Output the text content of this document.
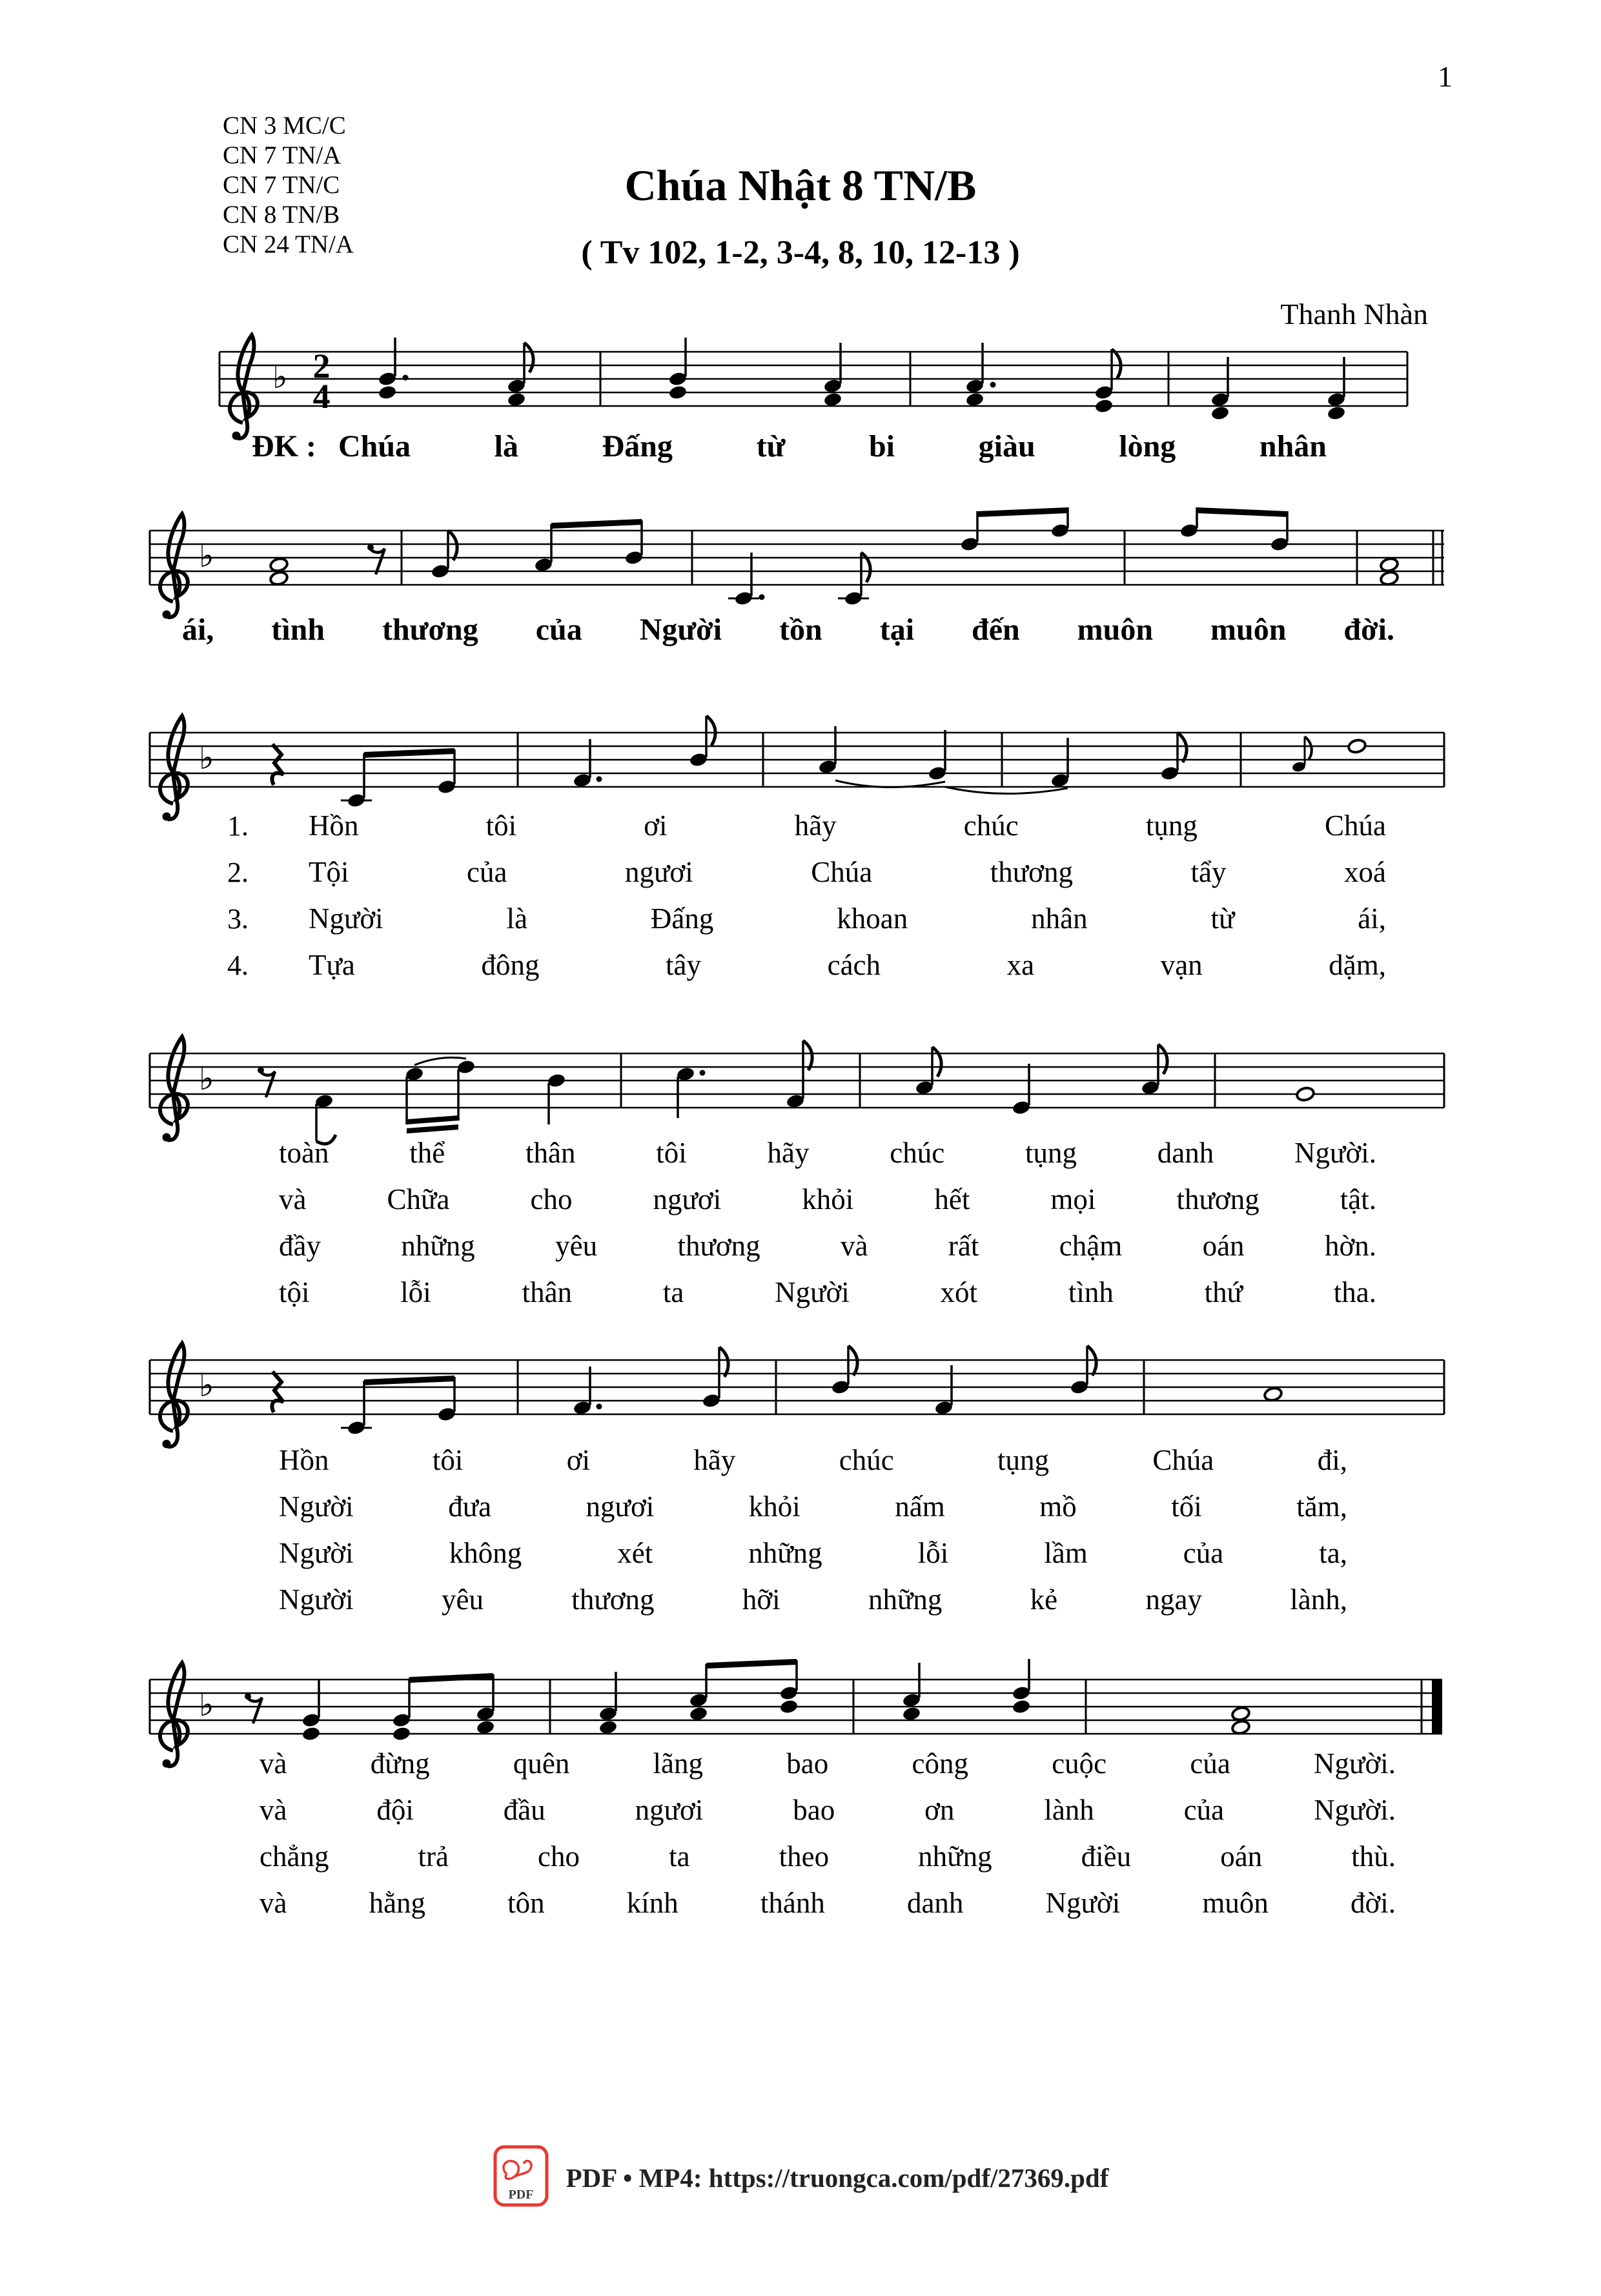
1
CN 3 MC/C
CN 7 TN/A
CN 7 TN/C
CN 8 TN/B
CN 24 TN/A
Chúa Nhật 8 TN/B
( Tv 102, 1-2, 3-4, 8, 10, 12-13 )
Thanh Nhàn
♭ 2
4
♭
♭
♭
♭
♭
ĐK : Chúa là Đấng từ bi giàu lòng nhân
ái, tình thương của Người tồn tại đến muôn muôn đời.
1.	Hồn tôi ơi hãy chúc tụng Chúa
2.	Tội của ngươi Chúa thương tẩy xoá
3.	Người là Đấng khoan nhân từ ái,
4.	Tựa đông tây cách xa vạn dặm,
toàn thể thân tôi hãy chúc tụng danh Người.
và Chữa cho ngươi khỏi hết mọi thương tật.
đầy những yêu thương và rất chậm oán hờn.
tội lỗi thân ta Người xót tình thứ tha.
Hồn tôi ơi hãy chúc tụng Chúa đi,
Người đưa ngươi khỏi nấm mồ tối tăm,
Người không xét những lỗi lầm của ta,
Người yêu thương hỡi những kẻ ngay lành,
và đừng quên lãng bao công cuộc của Người.
và đội đầu ngươi bao ơn lành của Người.
chẳng trả cho ta theo những điều oán thù.
và hằng tôn kính thánh danh Người muôn đời.
PDF
PDF • MP4: https://truongca.com/pdf/27369.pdf
